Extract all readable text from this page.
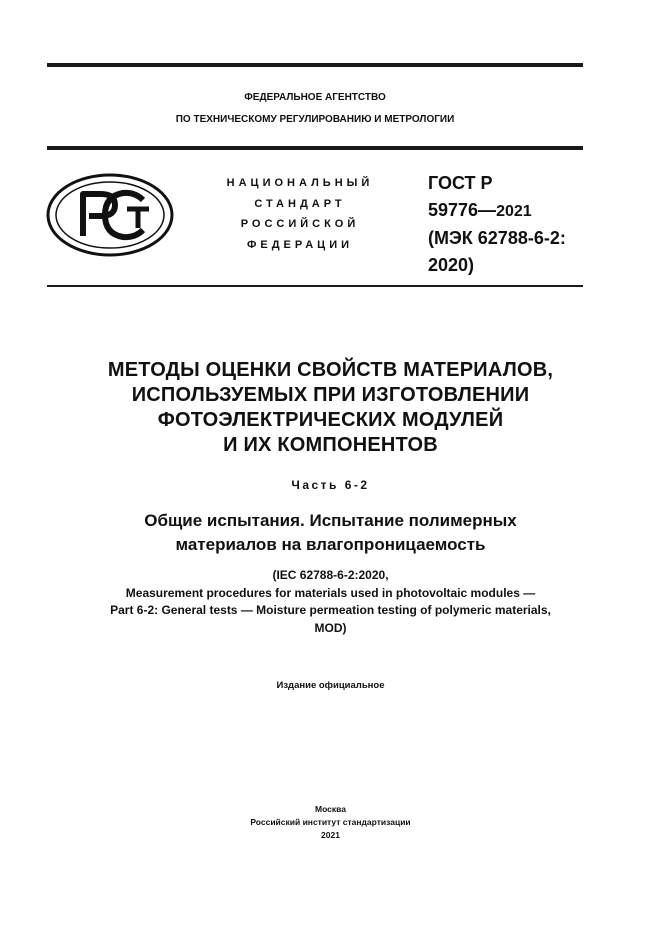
ФЕДЕРАЛЬНОЕ АГЕНТСТВО
ПО ТЕХНИЧЕСКОМУ РЕГУЛИРОВАНИЮ И МЕТРОЛОГИИ
НАЦИОНАЛЬНЫЙ
СТАНДАРТ
РОССИЙСКОЙ
ФЕДЕРАЦИИ
ГОСТ Р
59776—2021
(МЭК 62788-6-2:
2020)
МЕТОДЫ ОЦЕНКИ СВОЙСТВ МАТЕРИАЛОВ,
ИСПОЛЬЗУЕМЫХ ПРИ ИЗГОТОВЛЕНИИ
ФОТОЭЛЕКТРИЧЕСКИХ МОДУЛЕЙ
И ИХ КОМПОНЕНТОВ
Часть 6-2
Общие испытания. Испытание полимерных
материалов на влагопроницаемость
(IEC 62788-6-2:2020,
Measurement procedures for materials used in photovoltaic modules —
Part 6-2: General tests — Moisture permeation testing of polymeric materials,
MOD)
Издание официальное
Москва
Российский институт стандартизации
2021
